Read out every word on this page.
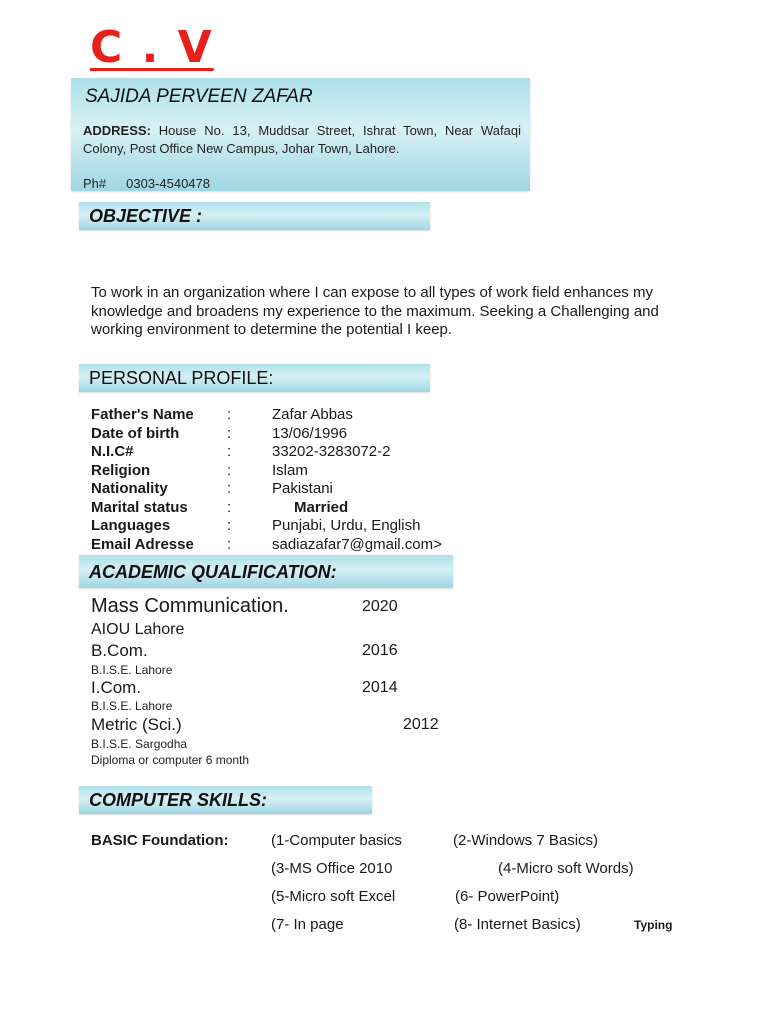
C . V
SAJIDA PERVEEN ZAFAR
ADDRESS: House No. 13, Muddsar Street, Ishrat Town, Near Wafaqi Colony, Post Office New Campus, Johar Town, Lahore.
Ph# 0303-4540478
OBJECTIVE :
To work in an organization where I can expose to all types of work field enhances my knowledge and broadens my experience to the maximum. Seeking a Challenging and working environment to determine the potential I keep.
PERSONAL PROFILE:
Father's Name :	Zafar Abbas
Date of birth	:	13/06/1996
N.I.C#	:	33202-3283072-2
Religion	:	Islam
Nationality	:	Pakistani
Marital status	:	Married
Languages	:	Punjabi, Urdu, English
Email Adresse :	sadiazafar7@gmail.com>
ACADEMIC QUALIFICATION:
Mass Communication.	2020
AIOU Lahore
B.Com.	2016
B.I.S.E. Lahore
I.Com.	2014
B.I.S.E. Lahore
Metric (Sci.)	2012
B.I.S.E. Sargodha
Diploma or computer 6 month
COMPUTER SKILLS:
BASIC Foundation:	(1-Computer basics	(2-Windows 7 Basics)
(3-MS Office 2010	(4-Micro soft Words)
(5-Micro soft Excel	(6- PowerPoint)
(7- In page	(8- Internet Basics)	Typing
